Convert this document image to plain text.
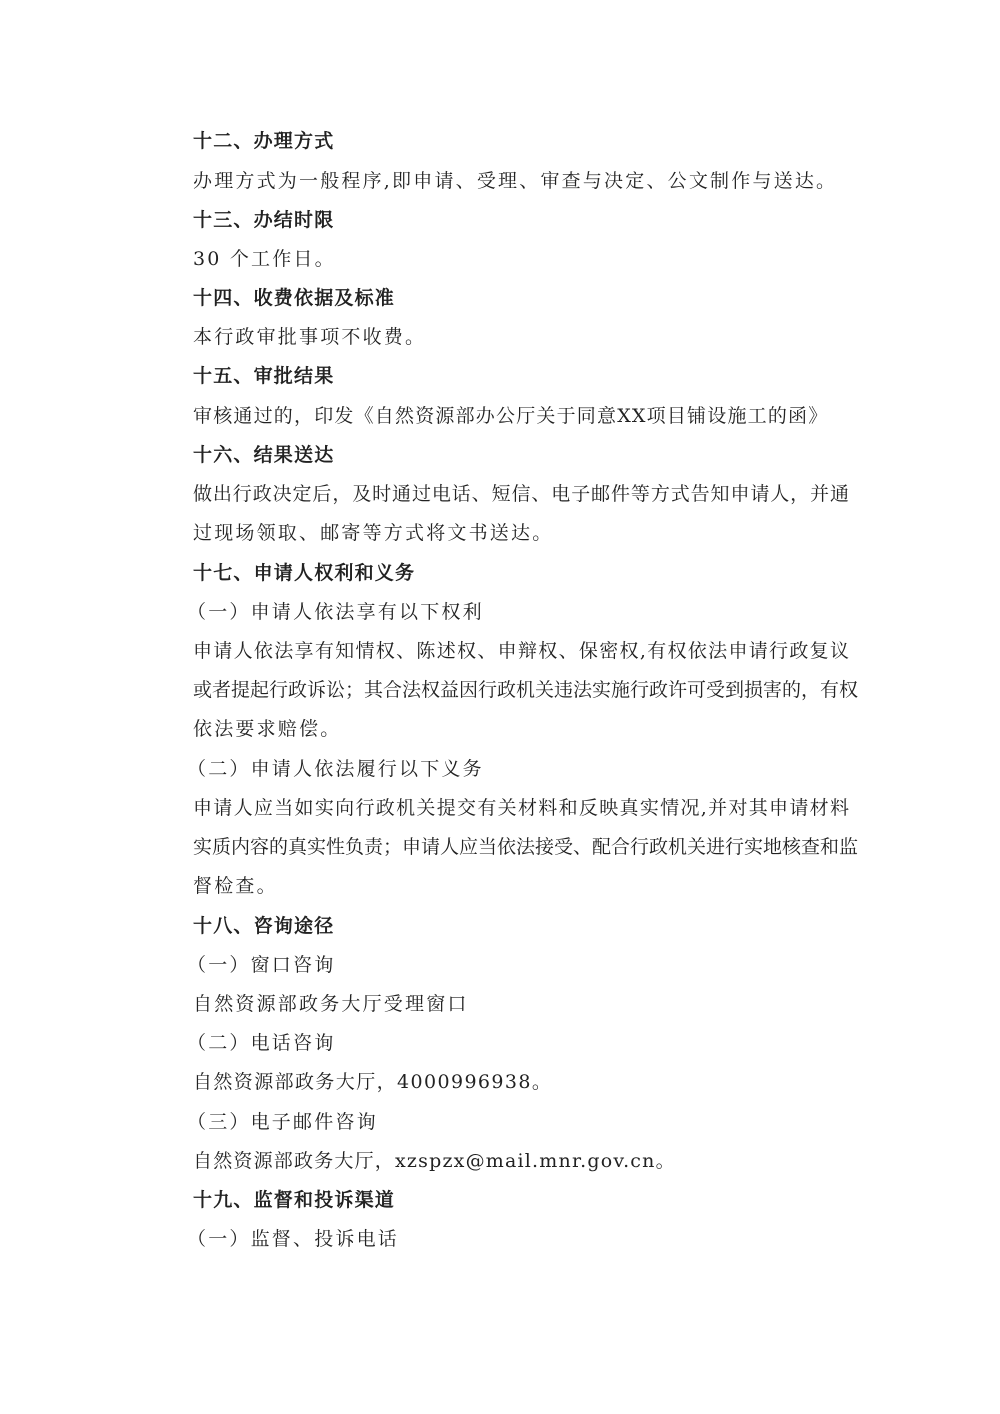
十二、办理方式
办理方式为一般程序,即申请、受理、审查与决定、公文制作与送达。
十三、办结时限
30 个工作日。
十四、收费依据及标准
本行政审批事项不收费。
十五、审批结果
审核通过的，印发《自然资源部办公厅关于同意XX项目铺设施工的函》
十六、结果送达
做出行政决定后，及时通过电话、短信、电子邮件等方式告知申请人，并通
过现场领取、邮寄等方式将文书送达。
十七、申请人权利和义务
（一）申请人依法享有以下权利
申请人依法享有知情权、陈述权、申辩权、保密权,有权依法申请行政复议
或者提起行政诉讼；其合法权益因行政机关违法实施行政许可受到损害的，有权
依法要求赔偿。
（二）申请人依法履行以下义务
申请人应当如实向行政机关提交有关材料和反映真实情况,并对其申请材料
实质内容的真实性负责；申请人应当依法接受、配合行政机关进行实地核查和监
督检查。
十八、咨询途径
（一）窗口咨询
自然资源部政务大厅受理窗口
（二）电话咨询
自然资源部政务大厅，4000996938。
（三）电子邮件咨询
自然资源部政务大厅，xzspzx@mail.mnr.gov.cn。
十九、监督和投诉渠道
（一）监督、投诉电话
